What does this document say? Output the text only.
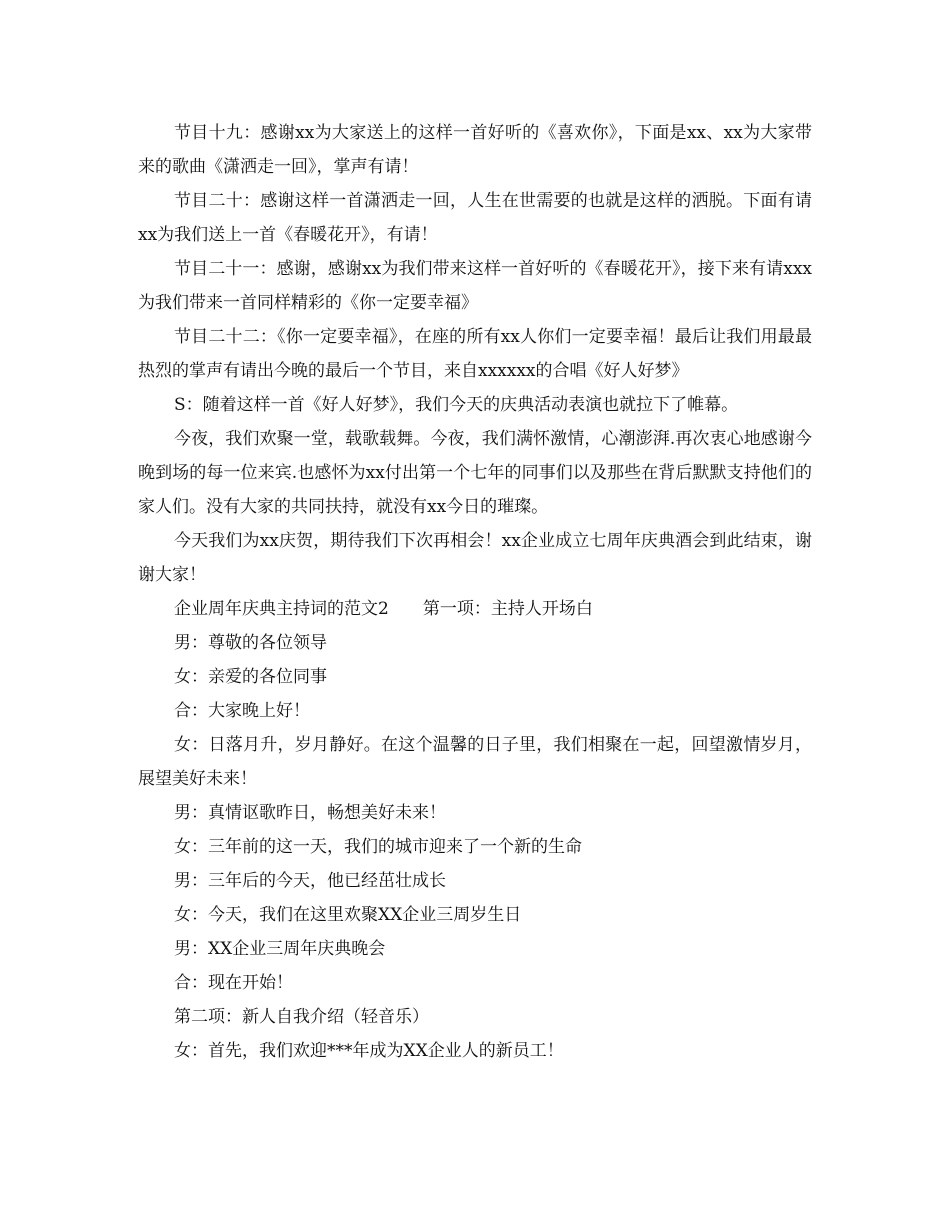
节目十九：感谢xx为大家送上的这样一首好听的《喜欢你》，下面是xx、xx为大家带来的歌曲《潇洒走一回》，掌声有请！

节目二十：感谢这样一首潇洒走一回，人生在世需要的也就是这样的洒脱。下面有请xx为我们送上一首《春暖花开》，有请！

节目二十一：感谢，感谢xx为我们带来这样一首好听的《春暖花开》，接下来有请xxx为我们带来一首同样精彩的《你一定要幸福》

节目二十二：《你一定要幸福》，在座的所有xx人你们一定要幸福！最后让我们用最最热烈的掌声有请出今晚的最后一个节目，来自xxxxxx的合唱《好人好梦》

S：随着这样一首《好人好梦》，我们今天的庆典活动表演也就拉下了帷幕。

今夜，我们欢聚一堂，载歌载舞。今夜，我们满怀激情，心潮澎湃.再次衷心地感谢今晚到场的每一位来宾.也感怀为xx付出第一个七年的同事们以及那些在背后默默支持他们的家人们。没有大家的共同扶持，就没有xx今日的璀璨。

今天我们为xx庆贺，期待我们下次再相会！xx企业成立七周年庆典酒会到此结束，谢谢大家！

企业周年庆典主持词的范文2 第一项：主持人开场白

男：尊敬的各位领导

女：亲爱的各位同事

合：大家晚上好！

女：日落月升，岁月静好。在这个温馨的日子里，我们相聚在一起，回望激情岁月，展望美好未来！

男：真情讴歌昨日，畅想美好未来！

女：三年前的这一天，我们的城市迎来了一个新的生命

男：三年后的今天，他已经茁壮成长

女：今天，我们在这里欢聚XX企业三周岁生日

男：XX企业三周年庆典晚会

合：现在开始！

第二项：新人自我介绍（轻音乐）

女：首先，我们欢迎***年成为XX企业人的新员工！
